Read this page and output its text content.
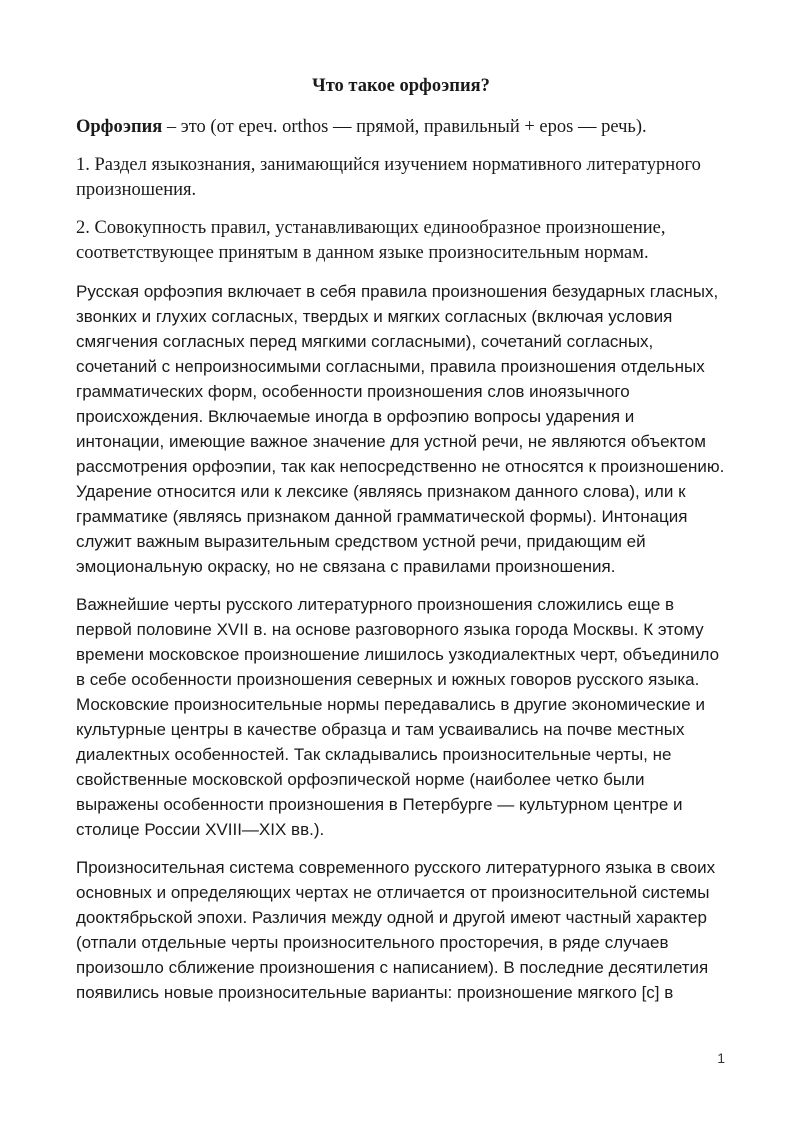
Что такое орфоэпия?
Орфоэпия – это (от ереч. orthos — прямой, правильный + epos — речь).
1. Раздел языкознания, занимающийся изучением нормативного литературного произношения.
2. Совокупность правил, устанавливающих единообразное произношение, соответствующее принятым в данном языке произносительным нормам.
Русская орфоэпия включает в себя правила произношения безударных гласных, звонких и глухих согласных, твердых и мягких согласных (включая условия смягчения согласных перед мягкими согласными), сочетаний согласных, сочетаний с непроизносимыми согласными, правила произношения отдельных грамматических форм, особенности произношения слов иноязычного происхождения. Включаемые иногда в орфоэпию вопросы ударения и интонации, имеющие важное значение для устной речи, не являются объектом рассмотрения орфоэпии, так как непосредственно не относятся к произношению. Ударение относится или к лексике (являясь признаком данного слова), или к грамматике (являясь признаком данной грамматической формы). Интонация служит важным выразительным средством устной речи, придающим ей эмоциональную окраску, но не связана с правилами произношения.
Важнейшие черты русского литературного произношения сложились еще в первой половине XVII в. на основе разговорного языка города Москвы. К этому времени московское произношение лишилось узкодиалектных черт, объединило в себе особенности произношения северных и южных говоров русского языка. Московские произносительные нормы передавались в другие экономические и культурные центры в качестве образца и там усваивались на почве местных диалектных особенностей. Так складывались произносительные черты, не свойственные московской орфоэпической норме (наиболее четко были выражены особенности произношения в Петербурге — культурном центре и столице России XVIII—XIX вв.).
Произносительная система современного русского литературного языка в своих основных и определяющих чертах не отличается от произносительной системы дооктябрьской эпохи. Различия между одной и другой имеют частный характер (отпали отдельные черты произносительного просторечия, в ряде случаев произошло сближение произношения с написанием). В последние десятилетия появились новые произносительные варианты: произношение мягкого [с] в
1
